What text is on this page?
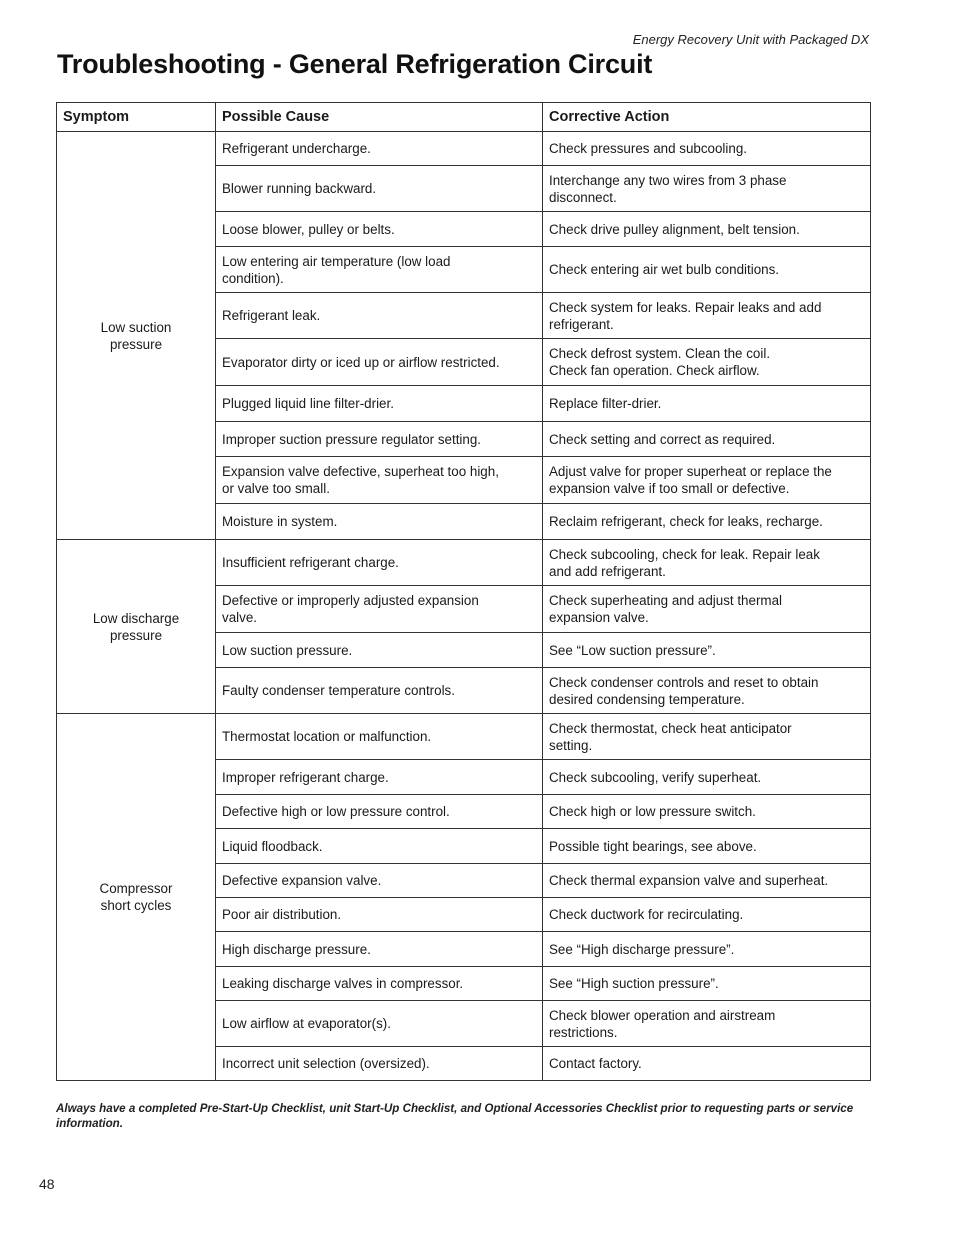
Energy Recovery Unit with Packaged DX
Troubleshooting - General Refrigeration Circuit
Symptom	Possible Cause	Corrective Action
Low suction
pressure	Refrigerant undercharge.	Check pressures and subcooling.
	Blower running backward.	Interchange any two wires from 3 phase
disconnect.
	Loose blower, pulley or belts.	Check drive pulley alignment, belt tension.
	Low entering air temperature (low load
condition).	Check entering air wet bulb conditions.
	Refrigerant leak.	Check system for leaks. Repair leaks and add
refrigerant.
	Evaporator dirty or iced up or airflow restricted.	Check defrost system. Clean the coil.
Check fan operation. Check airflow.
	Plugged liquid line filter-drier.	Replace filter-drier.
	Improper suction pressure regulator setting.	Check setting and correct as required.
	Expansion valve defective, superheat too high,
or valve too small.	Adjust valve for proper superheat or replace the
expansion valve if too small or defective.
	Moisture in system.	Reclaim refrigerant, check for leaks, recharge.
Low discharge
pressure	Insufficient refrigerant charge.	Check subcooling, check for leak. Repair leak
and add refrigerant.
	Defective or improperly adjusted expansion
valve.	Check superheating and adjust thermal
expansion valve.
	Low suction pressure.	See “Low suction pressure”.
	Faulty condenser temperature controls.	Check condenser controls and reset to obtain
desired condensing temperature.
Compressor
short cycles	Thermostat location or malfunction.	Check thermostat, check heat anticipator
setting.
	Improper refrigerant charge.	Check subcooling, verify superheat.
	Defective high or low pressure control.	Check high or low pressure switch.
	Liquid floodback.	Possible tight bearings, see above.
	Defective expansion valve.	Check thermal expansion valve and superheat.
	Poor air distribution.	Check ductwork for recirculating.
	High discharge pressure.	See “High discharge pressure”.
	Leaking discharge valves in compressor.	See “High suction pressure”.
	Low airflow at evaporator(s).	Check blower operation and airstream
restrictions.
	Incorrect unit selection (oversized).	Contact factory.
Always have a completed Pre-Start-Up Checklist, unit Start-Up Checklist, and Optional Accessories Checklist prior to requesting parts or service information.
48
